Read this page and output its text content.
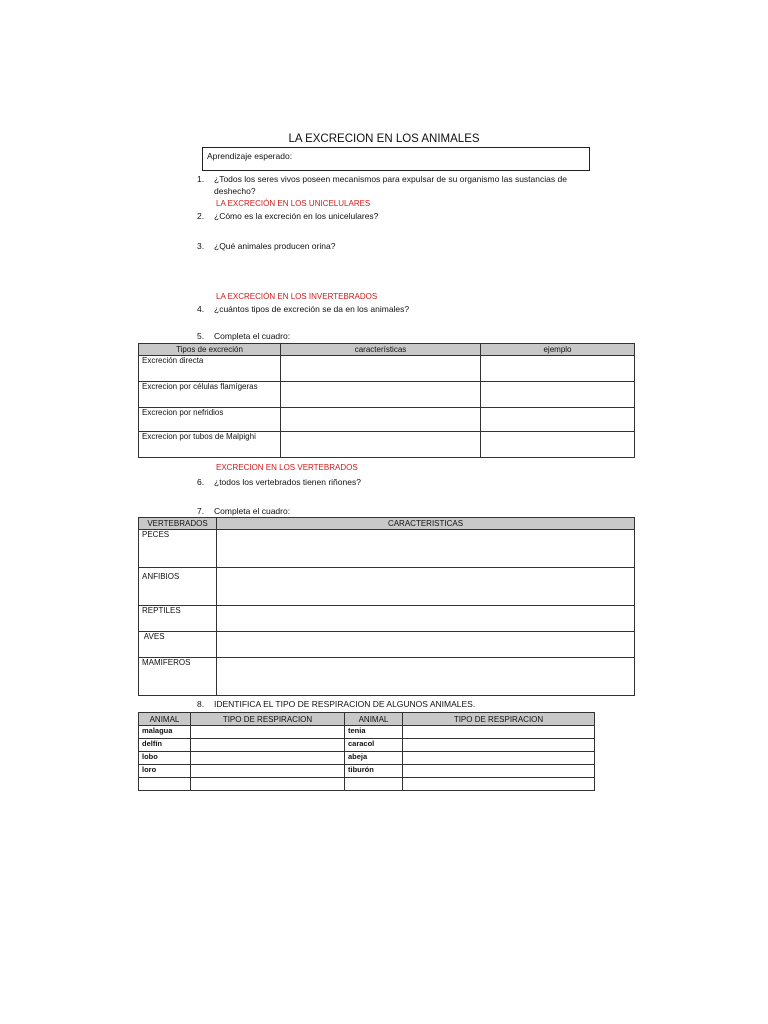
LA EXCRECION EN LOS ANIMALES
Aprendizaje esperado:
1. ¿Todos los seres vivos poseen mecanismos para expulsar de su organismo las sustancias de
deshecho?
LA EXCRECIÓN EN LOS UNICELULARES
2. ¿Cómo es la excreción en los unicelulares?
3. ¿Qué animales producen orina?
LA EXCRECIÓN EN LOS INVERTEBRADOS
4. ¿cuántos tipos de excreción se da en los animales?
5. Completa el cuadro:
Tipos de excreción	características	ejemplo
Excreción directa		
Excrecion por células flamígeras		
Excrecion por nefridios		
Excrecion por tubos de Malpighi		
EXCRECION EN LOS VERTEBRADOS
6. ¿todos los vertebrados tienen riñones?
7. Completa el cuadro:
VERTEBRADOS	CARACTERISTICAS
PECES	
ANFIBIOS	
REPTILES	
AVES	
MAMIFEROS	
8. IDENTIFICA EL TIPO DE RESPIRACION DE ALGUNOS ANIMALES.
ANIMAL	TIPO DE RESPIRACION	ANIMAL	TIPO DE RESPIRACION
malagua		tenia	
delfín		caracol	
lobo		abeja	
loro		tiburón	
